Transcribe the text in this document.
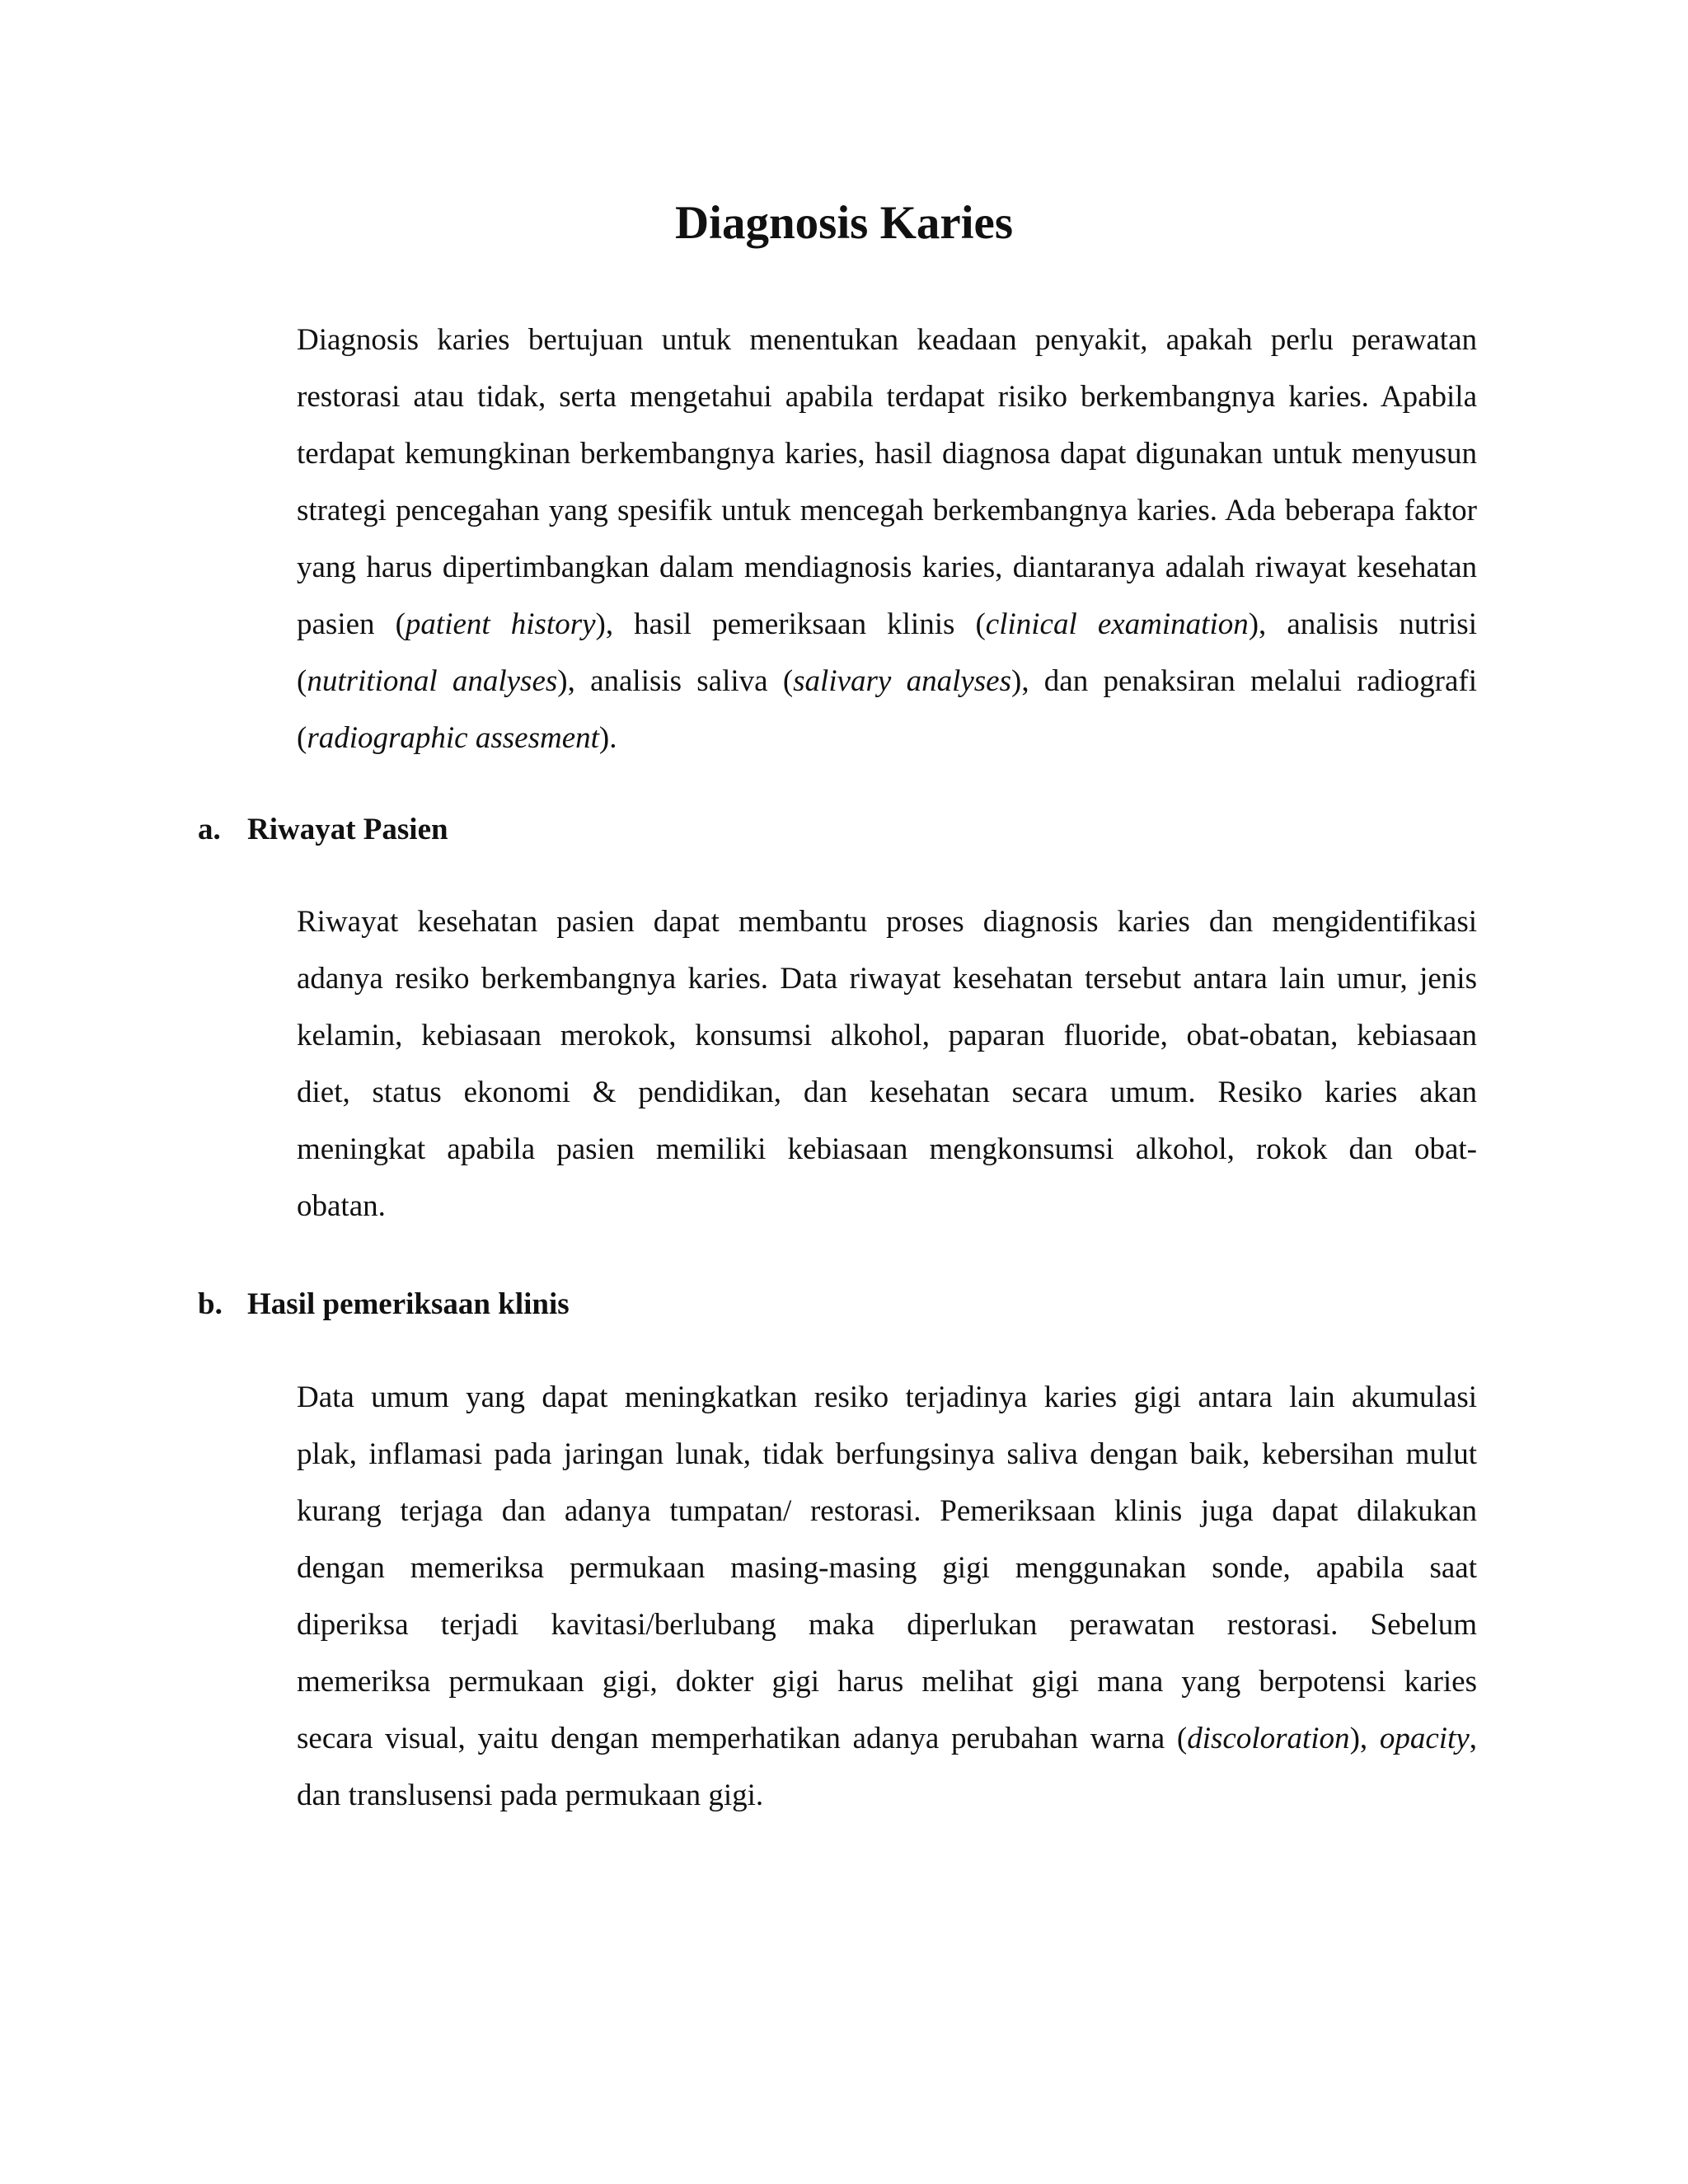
Diagnosis Karies
Diagnosis karies bertujuan untuk menentukan keadaan penyakit, apakah perlu perawatan
restorasi atau tidak, serta mengetahui apabila terdapat risiko berkembangnya karies. Apabila
terdapat kemungkinan berkembangnya karies, hasil diagnosa dapat digunakan untuk menyusun
strategi pencegahan yang spesifik untuk mencegah berkembangnya karies. Ada beberapa faktor
yang harus dipertimbangkan dalam mendiagnosis karies, diantaranya adalah riwayat kesehatan
pasien (patient history), hasil pemeriksaan klinis (clinical examination), analisis nutrisi
(nutritional analyses), analisis saliva (salivary analyses), dan penaksiran melalui radiografi
(radiographic assesment).
a. Riwayat Pasien
Riwayat kesehatan pasien dapat membantu proses diagnosis karies dan mengidentifikasi
adanya resiko berkembangnya karies. Data riwayat kesehatan tersebut antara lain umur, jenis
kelamin, kebiasaan merokok, konsumsi alkohol, paparan fluoride, obat-obatan, kebiasaan
diet, status ekonomi & pendidikan, dan kesehatan secara umum. Resiko karies akan
meningkat apabila pasien memiliki kebiasaan mengkonsumsi alkohol, rokok dan obat-
obatan.
b. Hasil pemeriksaan klinis
Data umum yang dapat meningkatkan resiko terjadinya karies gigi antara lain akumulasi
plak, inflamasi pada jaringan lunak, tidak berfungsinya saliva dengan baik, kebersihan mulut
kurang terjaga dan adanya tumpatan/ restorasi. Pemeriksaan klinis juga dapat dilakukan
dengan memeriksa permukaan masing-masing gigi menggunakan sonde, apabila saat
diperiksa terjadi kavitasi/berlubang maka diperlukan perawatan restorasi. Sebelum
memeriksa permukaan gigi, dokter gigi harus melihat gigi mana yang berpotensi karies
secara visual, yaitu dengan memperhatikan adanya perubahan warna (discoloration), opacity,
dan translusensi pada permukaan gigi.
